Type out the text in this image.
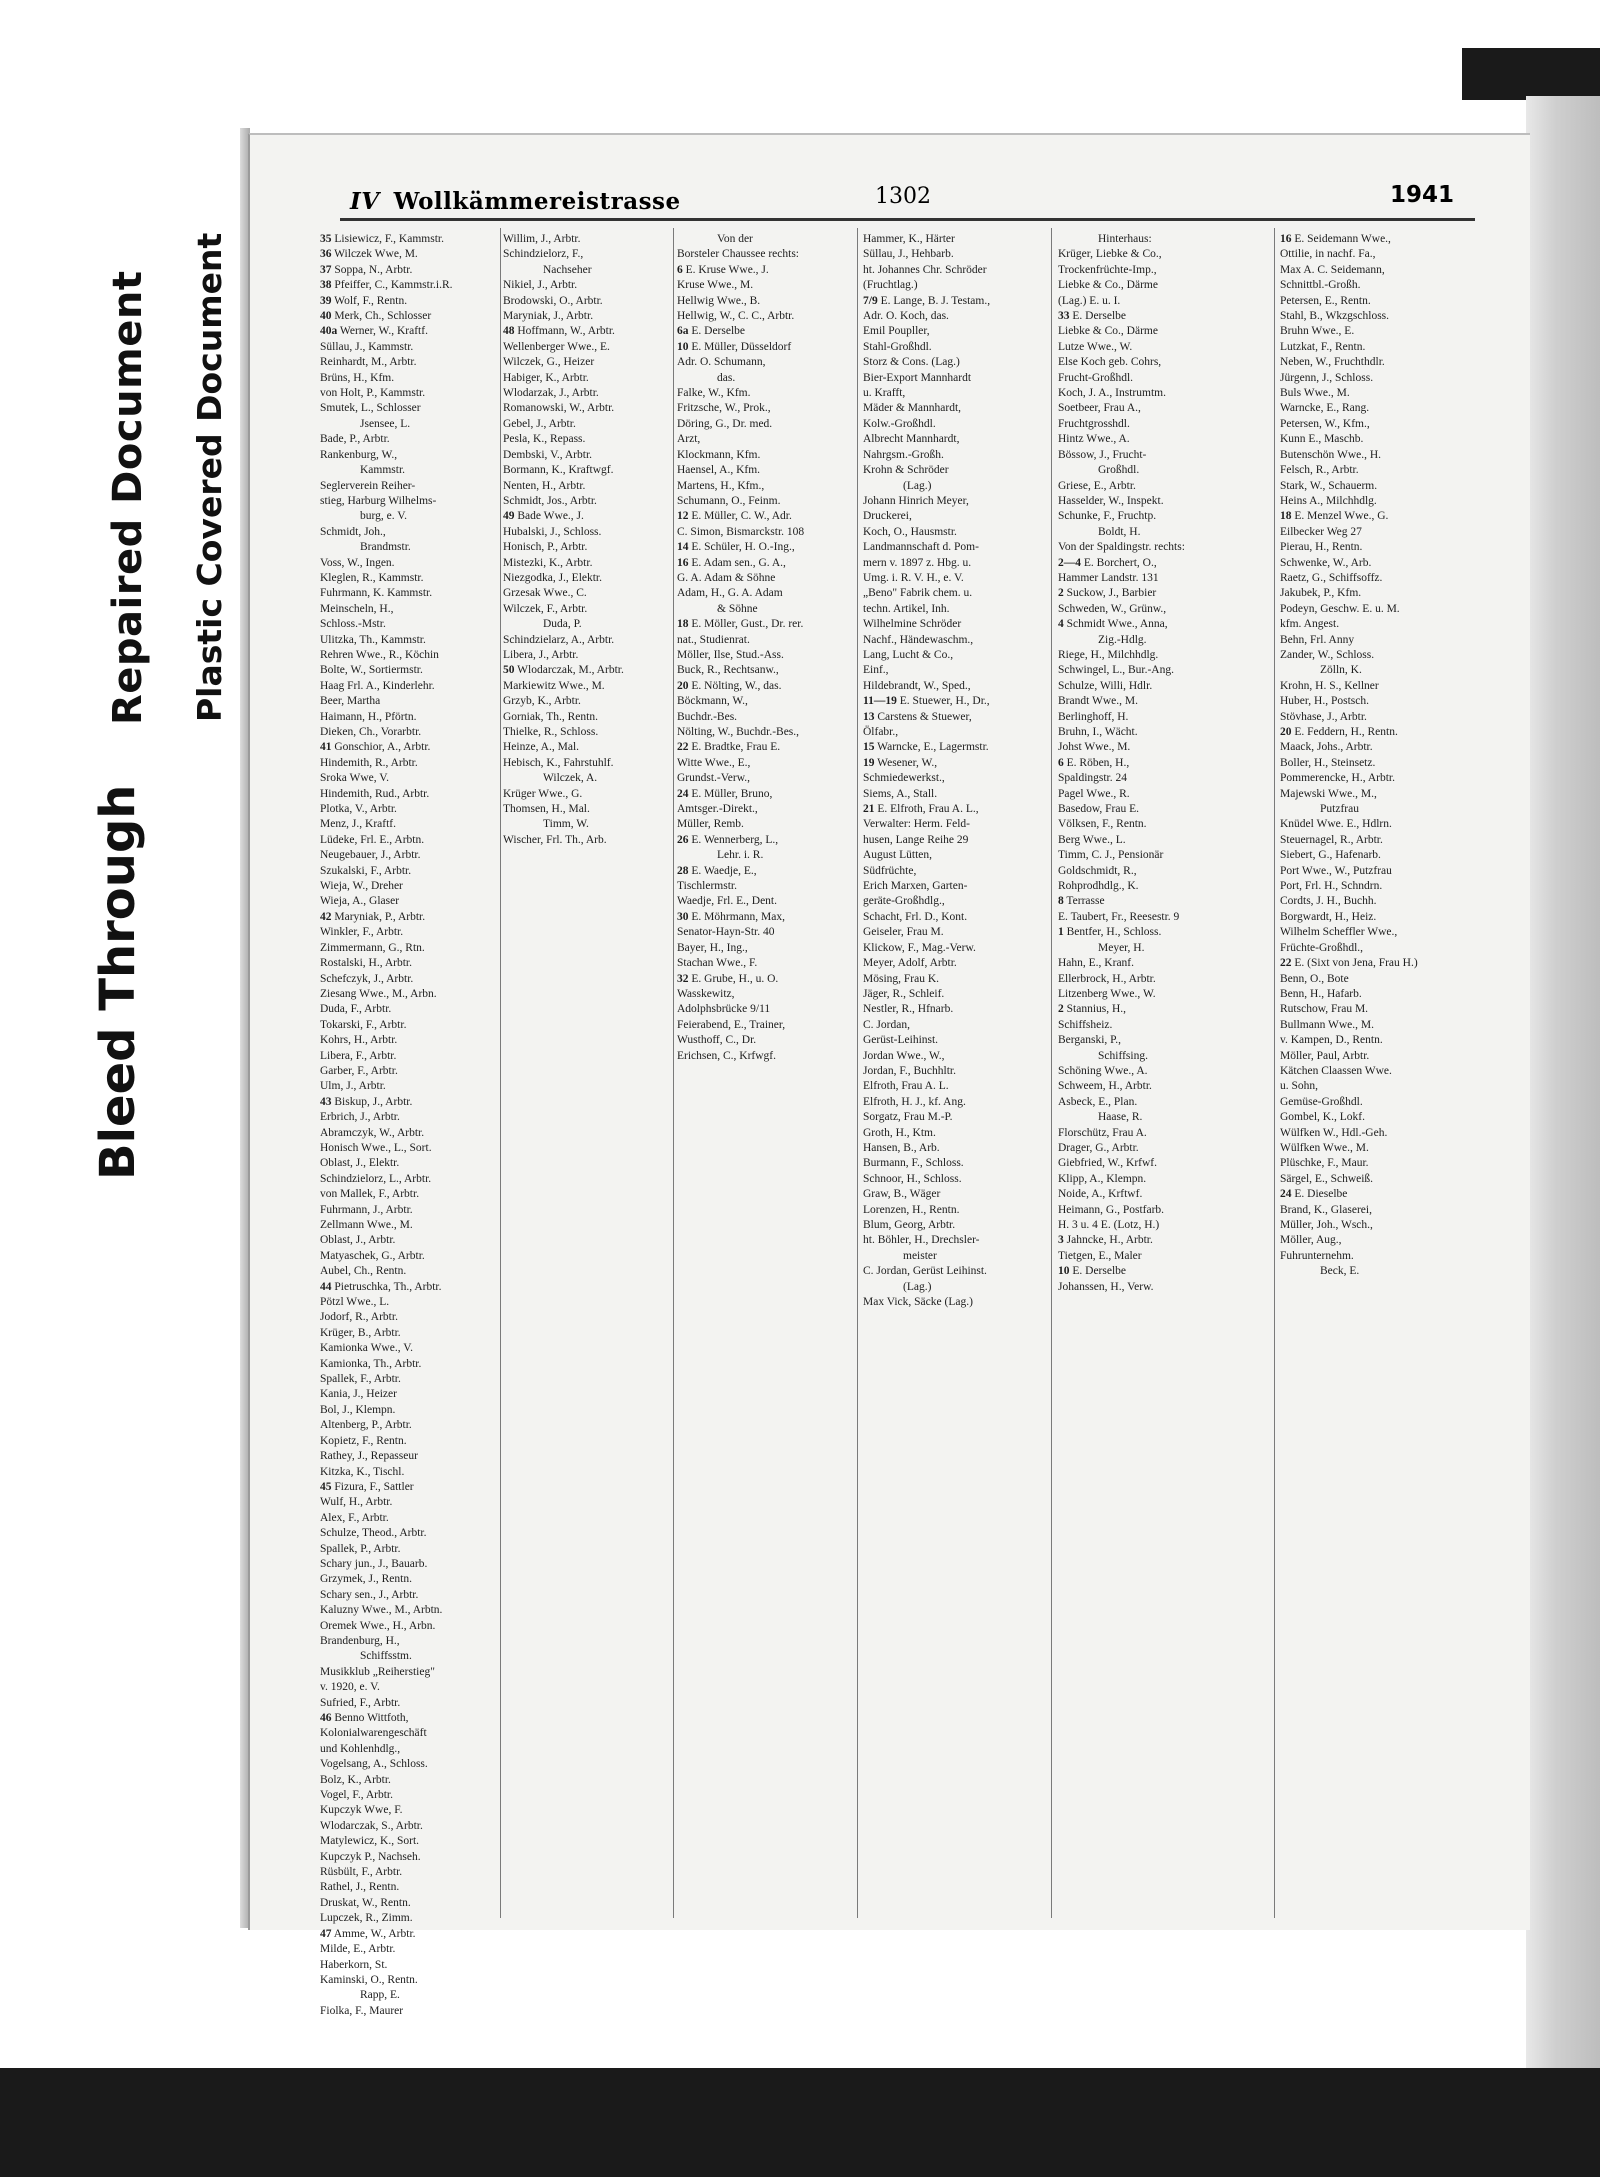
Bleed Through
Repaired Document Plastic Covered Document
IV Wollkämmereistrasse	1302	1941
35 Lisiewicz, F., Kammstr.
36 Wilczek Wwe, M.
37 Soppa, N., Arbtr.
38 Pfeiffer, C., Kammstr.i.R.
39 Wolf, F., Rentn.
40 Merk, Ch., Schlosser
40a Werner, W., Kraftf.
Süllau, J., Kammstr.
Reinhardt, M., Arbtr.
Brüns, H., Kfm.
von Holt, P., Kammstr.
Smutek, L., Schlosser
Jsensee, L.
Bade, P., Arbtr.
Rankenburg, W.,
Kammstr.
Seglerverein Reiher-
stieg, Harburg Wilhelms-
burg, e. V.
Schmidt, Joh.,
Brandmstr.
Voss, W., Ingen.
Kleglen, R., Kammstr.
Fuhrmann, K. Kammstr.
Meinscheln, H.,
Schloss.-Mstr.
Ulitzka, Th., Kammstr.
Rehren Wwe., R., Köchin
Bolte, W., Sortiermstr.
Haag Frl. A., Kinderlehr.
Beer, Martha
Haimann, H., Pförtn.
Dieken, Ch., Vorarbtr.
41 Gonschior, A., Arbtr.
Hindemith, R., Arbtr.
Sroka Wwe, V.
Hindemith, Rud., Arbtr.
Plotka, V., Arbtr.
Menz, J., Kraftf.
Lüdeke, Frl. E., Arbtn.
Neugebauer, J., Arbtr.
Szukalski, F., Arbtr.
Wieja, W., Dreher
Wieja, A., Glaser
42 Maryniak, P., Arbtr.
Winkler, F., Arbtr.
Zimmermann, G., Rtn.
Rostalski, H., Arbtr.
Schefczyk, J., Arbtr.
Ziesang Wwe., M., Arbn.
Duda, F., Arbtr.
Tokarski, F., Arbtr.
Kohrs, H., Arbtr.
Libera, F., Arbtr.
Garber, F., Arbtr.
Ulm, J., Arbtr.
43 Biskup, J., Arbtr.
Erbrich, J., Arbtr.
Abramczyk, W., Arbtr.
Honisch Wwe., L., Sort.
Oblast, J., Elektr.
Schindzielorz, L., Arbtr.
von Mallek, F., Arbtr.
Fuhrmann, J., Arbtr.
Zellmann Wwe., M.
Oblast, J., Arbtr.
Matyaschek, G., Arbtr.
Aubel, Ch., Rentn.
44 Pietruschka, Th., Arbtr.
Pötzl Wwe., L.
Jodorf, R., Arbtr.
Krüger, B., Arbtr.
Kamionka Wwe., V.
Kamionka, Th., Arbtr.
Spallek, F., Arbtr.
Kania, J., Heizer
Bol, J., Klempn.
Altenberg, P., Arbtr.
Kopietz, F., Rentn.
Rathey, J., Repasseur
Kitzka, K., Tischl.
45 Fizura, F., Sattler
Wulf, H., Arbtr.
Alex, F., Arbtr.
Schulze, Theod., Arbtr.
Spallek, P., Arbtr.
Schary jun., J., Bauarb.
Grzymek, J., Rentn.
Schary sen., J., Arbtr.
Kaluzny Wwe., M., Arbtn.
Oremek Wwe., H., Arbn.
Brandenburg, H.,
Schiffsstm.
Musikklub „Reiherstieg"
v. 1920, e. V.
Sufried, F., Arbtr.
46 Benno Wittfoth,
Kolonialwarengeschäft
und Kohlenhdlg.,
Vogelsang, A., Schloss.
Bolz, K., Arbtr.
Vogel, F., Arbtr.
Kupczyk Wwe, F.
Wlodarczak, S., Arbtr.
Matylewicz, K., Sort.
Kupczyk P., Nachseh.
Rüsbült, F., Arbtr.
Rathel, J., Rentn.
Druskat, W., Rentn.
Lupczek, R., Zimm.
47 Amme, W., Arbtr.
Milde, E., Arbtr.
Haberkorn, St.
Kaminski, O., Rentn.
Rapp, E.
Fiolka, F., Maurer
Willim, J., Arbtr.
Schindzielorz, F.,
Nachseher
Nikiel, J., Arbtr.
Brodowski, O., Arbtr.
Maryniak, J., Arbtr.
48 Hoffmann, W., Arbtr.
Wellenberger Wwe., E.
Wilczek, G., Heizer
Habiger, K., Arbtr.
Wlodarzak, J., Arbtr.
Romanowski, W., Arbtr.
Gebel, J., Arbtr.
Pesla, K., Repass.
Dembski, V., Arbtr.
Bormann, K., Kraftwgf.
Nenten, H., Arbtr.
Schmidt, Jos., Arbtr.
49 Bade Wwe., J.
Hubalski, J., Schloss.
Honisch, P., Arbtr.
Mistezki, K., Arbtr.
Niezgodka, J., Elektr.
Grzesak Wwe., C.
Wilczek, F., Arbtr.
Duda, P.
Schindzielarz, A., Arbtr.
Libera, J., Arbtr.
50 Wlodarczak, M., Arbtr.
Markiewitz Wwe., M.
Grzyb, K., Arbtr.
Gorniak, Th., Rentn.
Thielke, R., Schloss.
Heinze, A., Mal.
Hebisch, K., Fahrstuhlf.
Wilczek, A.
Krüger Wwe., G.
Thomsen, H., Mal.
Timm, W.
Wischer, Frl. Th., Arb.
Von der
Borsteler Chaussee rechts:
6 E. Kruse Wwe., J.
Kruse Wwe., M.
Hellwig Wwe., B.
Hellwig, W., C. C., Arbtr.
6a E. Derselbe
10 E. Müller, Düsseldorf
Adr. O. Schumann,
das.
Falke, W., Kfm.
Fritzsche, W., Prok.,
Döring, G., Dr. med.
Arzt,
Klockmann, Kfm.
Haensel, A., Kfm.
Martens, H., Kfm.,
Schumann, O., Feinm.
12 E. Müller, C. W., Adr.
C. Simon, Bismarckstr. 108
14 E. Schüler, H. O.-Ing.,
16 E. Adam sen., G. A.,
G. A. Adam & Söhne
Adam, H., G. A. Adam
& Söhne
18 E. Möller, Gust., Dr. rer.
nat., Studienrat.
Möller, Ilse, Stud.-Ass.
Buck, R., Rechtsanw.,
20 E. Nölting, W., das.
Böckmann, W.,
Buchdr.-Bes.
Nölting, W., Buchdr.-Bes.,
22 E. Bradtke, Frau E.
Witte Wwe., E.,
Grundst.-Verw.,
24 E. Müller, Bruno,
Amtsger.-Direkt.,
Müller, Remb.
26 E. Wennerberg, L.,
Lehr. i. R.
28 E. Waedje, E.,
Tischlermstr.
Waedje, Frl. E., Dent.
30 E. Möhrmann, Max,
Senator-Hayn-Str. 40
Bayer, H., Ing.,
Stachan Wwe., F.
32 E. Grube, H., u. O.
Wasskewitz,
Adolphsbrücke 9/11
Feierabend, E., Trainer,
Wusthoff, C., Dr.
Erichsen, C., Krfwgf.
Hammer, K., Härter
Süllau, J., Hehbarb.
ht. Johannes Chr. Schröder
(Fruchtlag.)
7/9 E. Lange, B. J. Testam.,
Adr. O. Koch, das.
Emil Poupller,
Stahl-Großhdl.
Storz & Cons. (Lag.)
Bier-Export Mannhardt
u. Krafft,
Mäder & Mannhardt,
Kolw.-Großhdl.
Albrecht Mannhardt,
Nahrgsm.-Großh.
Krohn & Schröder
(Lag.)
Johann Hinrich Meyer,
Druckerei,
Koch, O., Hausmstr.
Landmannschaft d. Pom-
mern v. 1897 z. Hbg. u.
Umg. i. R. V. H., e. V.
„Beno" Fabrik chem. u.
techn. Artikel, Inh.
Wilhelmine Schröder
Nachf., Händewaschm.,
Lang, Lucht & Co.,
Einf.,
Hildebrandt, W., Sped.,
11—19 E. Stuewer, H., Dr.,
13 Carstens & Stuewer,
Ölfabr.,
15 Warncke, E., Lagermstr.
19 Wesener, W.,
Schmiedewerkst.,
Siems, A., Stall.
21 E. Elfroth, Frau A. L.,
Verwalter: Herm. Feld-
husen, Lange Reihe 29
August Lütten,
Südfrüchte,
Erich Marxen, Garten-
geräte-Großhdlg.,
Schacht, Frl. D., Kont.
Geiseler, Frau M.
Klickow, F., Mag.-Verw.
Meyer, Adolf, Arbtr.
Mösing, Frau K.
Jäger, R., Schleif.
Nestler, R., Hfnarb.
C. Jordan,
Gerüst-Leihinst.
Jordan Wwe., W.,
Jordan, F., Buchhltr.
Elfroth, Frau A. L.
Elfroth, H. J., kf. Ang.
Sorgatz, Frau M.-P.
Groth, H., Ktm.
Hansen, B., Arb.
Burmann, F., Schloss.
Schnoor, H., Schloss.
Graw, B., Wäger
Lorenzen, H., Rentn.
Blum, Georg, Arbtr.
ht. Böhler, H., Drechsler-
meister
C. Jordan, Gerüst Leihinst.
(Lag.)
Max Vick, Säcke (Lag.)
Hinterhaus:
Krüger, Liebke & Co.,
Trockenfrüchte-Imp.,
Liebke & Co., Därme
(Lag.) E. u. I.
33 E. Derselbe
Liebke & Co., Därme
Lutze Wwe., W.
Else Koch geb. Cohrs,
Frucht-Großhdl.
Koch, J. A., Instrumtm.
Soetbeer, Frau A.,
Fruchtgrosshdl.
Hintz Wwe., A.
Bössow, J., Frucht-
Großhdl.
Griese, E., Arbtr.
Hasselder, W., Inspekt.
Schunke, F., Fruchtp.
Boldt, H.
Von der Spaldingstr. rechts:
2—4 E. Borchert, O.,
Hammer Landstr. 131
2 Suckow, J., Barbier
Schweden, W., Grünw.,
4 Schmidt Wwe., Anna,
Zig.-Hdlg.
Riege, H., Milchhdlg.
Schwingel, L., Bur.-Ang.
Schulze, Willi, Hdlr.
Brandt Wwe., M.
Berlinghoff, H.
Bruhn, I., Wächt.
Johst Wwe., M.
6 E. Röben, H.,
Spaldingstr. 24
Pagel Wwe., R.
Basedow, Frau E.
Völksen, F., Rentn.
Berg Wwe., L.
Timm, C. J., Pensionär
Goldschmidt, R.,
Rohprodhdlg., K.
8 Terrasse
E. Taubert, Fr., Reesestr. 9
1 Bentfer, H., Schloss.
Meyer, H.
Hahn, E., Kranf.
Ellerbrock, H., Arbtr.
Litzenberg Wwe., W.
2 Stannius, H.,
Schiffsheiz.
Berganski, P.,
Schiffsing.
Schöning Wwe., A.
Schweem, H., Arbtr.
Asbeck, E., Plan.
Haase, R.
Florschütz, Frau A.
Drager, G., Arbtr.
Giebfried, W., Krfwf.
Klipp, A., Klempn.
Noide, A., Krftwf.
Heimann, G., Postfarb.
H. 3 u. 4 E. (Lotz, H.)
3 Jahncke, H., Arbtr.
Tietgen, E., Maler
10 E. Derselbe
Johanssen, H., Verw.
16 E. Seidemann Wwe.,
Ottilie, in nachf. Fa.,
Max A. C. Seidemann,
Schnittbl.-Großh.
Petersen, E., Rentn.
Stahl, B., Wkzgschloss.
Bruhn Wwe., E.
Lutzkat, F., Rentn.
Neben, W., Fruchthdlr.
Jürgenn, J., Schloss.
Buls Wwe., M.
Warncke, E., Rang.
Petersen, W., Kfm.,
Kunn E., Maschb.
Butenschön Wwe., H.
Felsch, R., Arbtr.
Stark, W., Schauerm.
Heins A., Milchhdlg.
18 E. Menzel Wwe., G.
Eilbecker Weg 27
Pierau, H., Rentn.
Schwenke, W., Arb.
Raetz, G., Schiffsoffz.
Jakubek, P., Kfm.
Podeyn, Geschw. E. u. M.
kfm. Angest.
Behn, Frl. Anny
Zander, W., Schloss.
Zölln, K.
Krohn, H. S., Kellner
Huber, H., Postsch.
Stövhase, J., Arbtr.
20 E. Feddern, H., Rentn.
Maack, Johs., Arbtr.
Boller, H., Steinsetz.
Pommerencke, H., Arbtr.
Majewski Wwe., M.,
Putzfrau
Knüdel Wwe. E., Hdlrn.
Steuernagel, R., Arbtr.
Siebert, G., Hafenarb.
Port Wwe., W., Putzfrau
Port, Frl. H., Schndrn.
Cordts, J. H., Buchh.
Borgwardt, H., Heiz.
Wilhelm Scheffler Wwe.,
Früchte-Großhdl.,
22 E. (Sixt von Jena, Frau H.)
Benn, O., Bote
Benn, H., Hafarb.
Rutschow, Frau M.
Bullmann Wwe., M.
v. Kampen, D., Rentn.
Möller, Paul, Arbtr.
Kätchen Claassen Wwe.
u. Sohn,
Gemüse-Großhdl.
Gombel, K., Lokf.
Wülfken W., Hdl.-Geh.
Wülfken Wwe., M.
Plüschke, F., Maur.
Särgel, E., Schweiß.
24 E. Dieselbe
Brand, K., Glaserei,
Müller, Joh., Wsch.,
Möller, Aug.,
Fuhrunternehm.
Beck, E.
